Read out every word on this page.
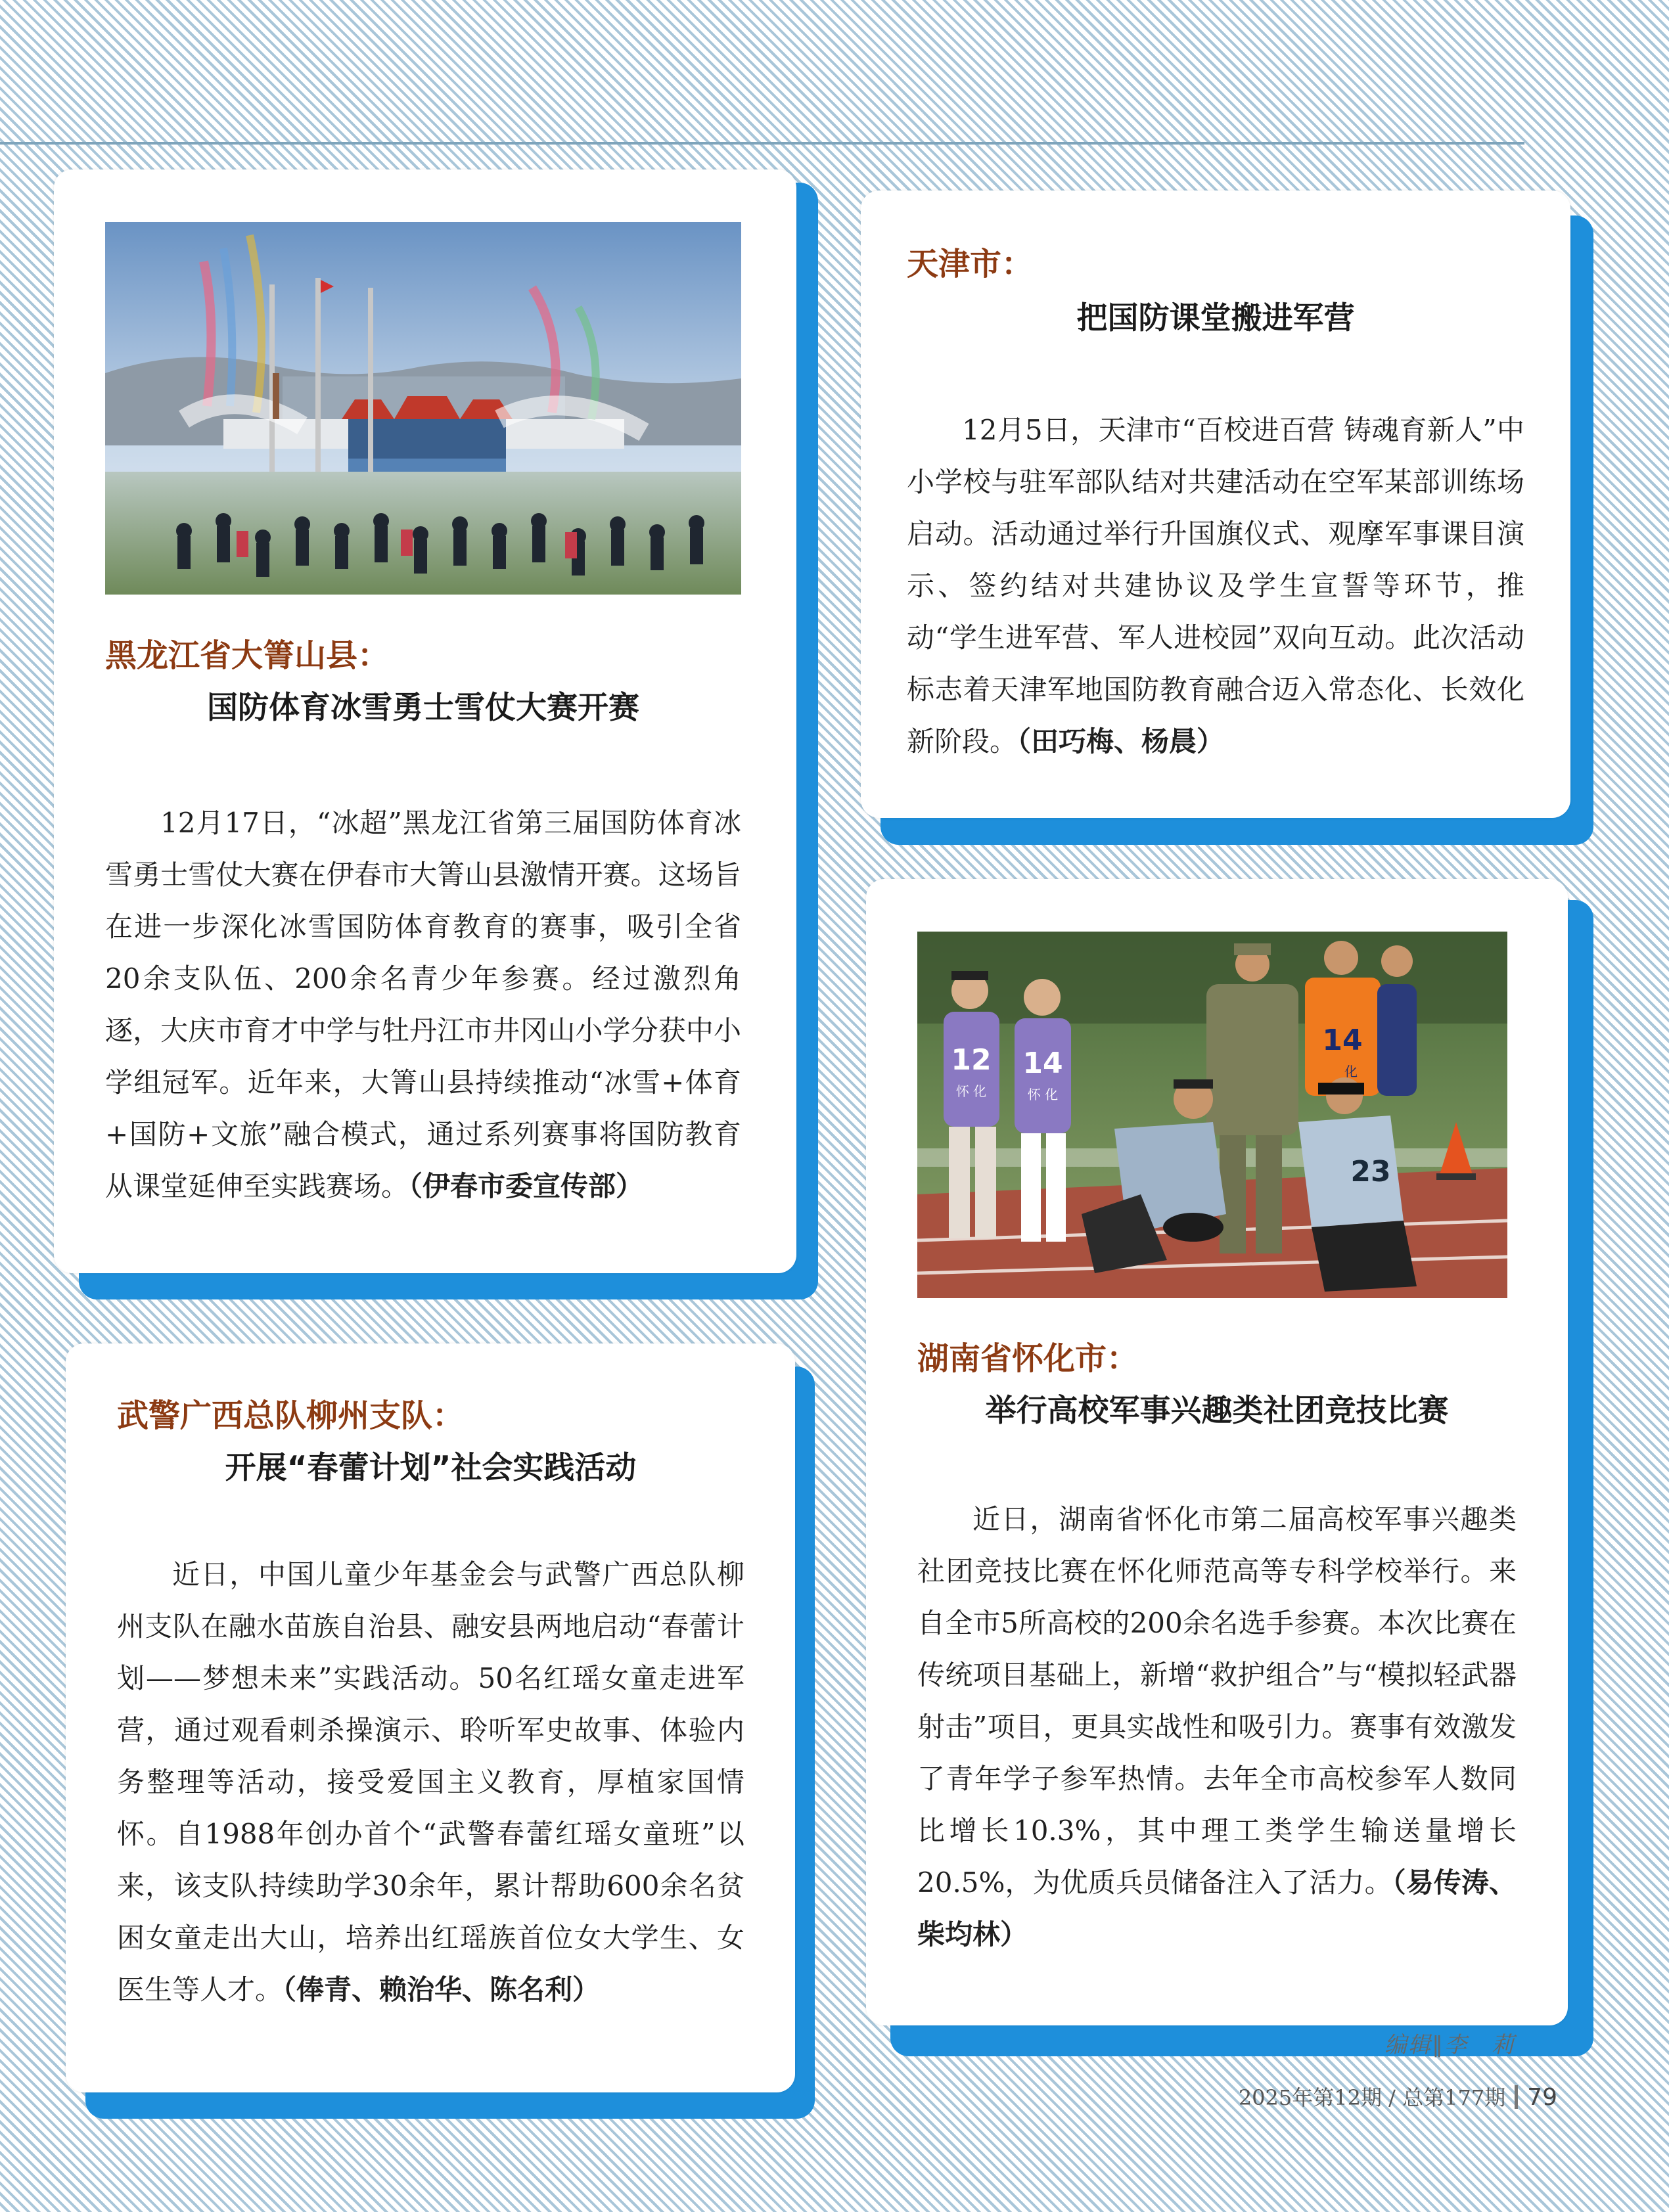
黑龙江省大箐山县：
国防体育冰雪勇士雪仗大赛开赛
12月17日，“冰超”黑龙江省第三届国防体育冰雪勇士雪仗大赛在伊春市大箐山县激情开赛。这场旨在进一步深化冰雪国防体育教育的赛事，吸引全省20余支队伍、200余名青少年参赛。经过激烈角逐，大庆市育才中学与牡丹江市井冈山小学分获中小学组冠军。近年来，大箐山县持续推动“冰雪+体育+国防+文旅”融合模式，通过系列赛事将国防教育从课堂延伸至实践赛场。（伊春市委宣传部）
天津市：
把国防课堂搬进军营
12月5日，天津市“百校进百营 铸魂育新人”中小学校与驻军部队结对共建活动在空军某部训练场启动。活动通过举行升国旗仪式、观摩军事课目演示、签约结对共建协议及学生宣誓等环节，推动“学生进军营、军人进校园”双向互动。此次活动标志着天津军地国防教育融合迈入常态化、长效化新阶段。（田巧梅、杨晨）
武警广西总队柳州支队：
开展“春蕾计划”社会实践活动
近日，中国儿童少年基金会与武警广西总队柳州支队在融水苗族自治县、融安县两地启动“春蕾计划——梦想未来”实践活动。50名红瑶女童走进军营，通过观看刺杀操演示、聆听军史故事、体验内务整理等活动，接受爱国主义教育，厚植家国情怀。自1988年创办首个“武警春蕾红瑶女童班”以来，该支队持续助学30余年，累计帮助600余名贫困女童走出大山，培养出红瑶族首位女大学生、女医生等人才。（俸青、赖治华、陈名利）
12
怀 化
14
怀 化
14
化
23
湖南省怀化市：
举行高校军事兴趣类社团竞技比赛
近日，湖南省怀化市第二届高校军事兴趣类社团竞技比赛在怀化师范高等专科学校举行。来自全市5所高校的200余名选手参赛。本次比赛在传统项目基础上，新增“救护组合”与“模拟轻武器射击”项目，更具实战性和吸引力。赛事有效激发了青年学子参军热情。去年全市高校参军人数同比增长10.3%，其中理工类学生输送量增长20.5%，为优质兵员储备注入了活力。（易传涛、柴均林）
编辑∥李　莉
2025年第12期 / 总第177期 79
